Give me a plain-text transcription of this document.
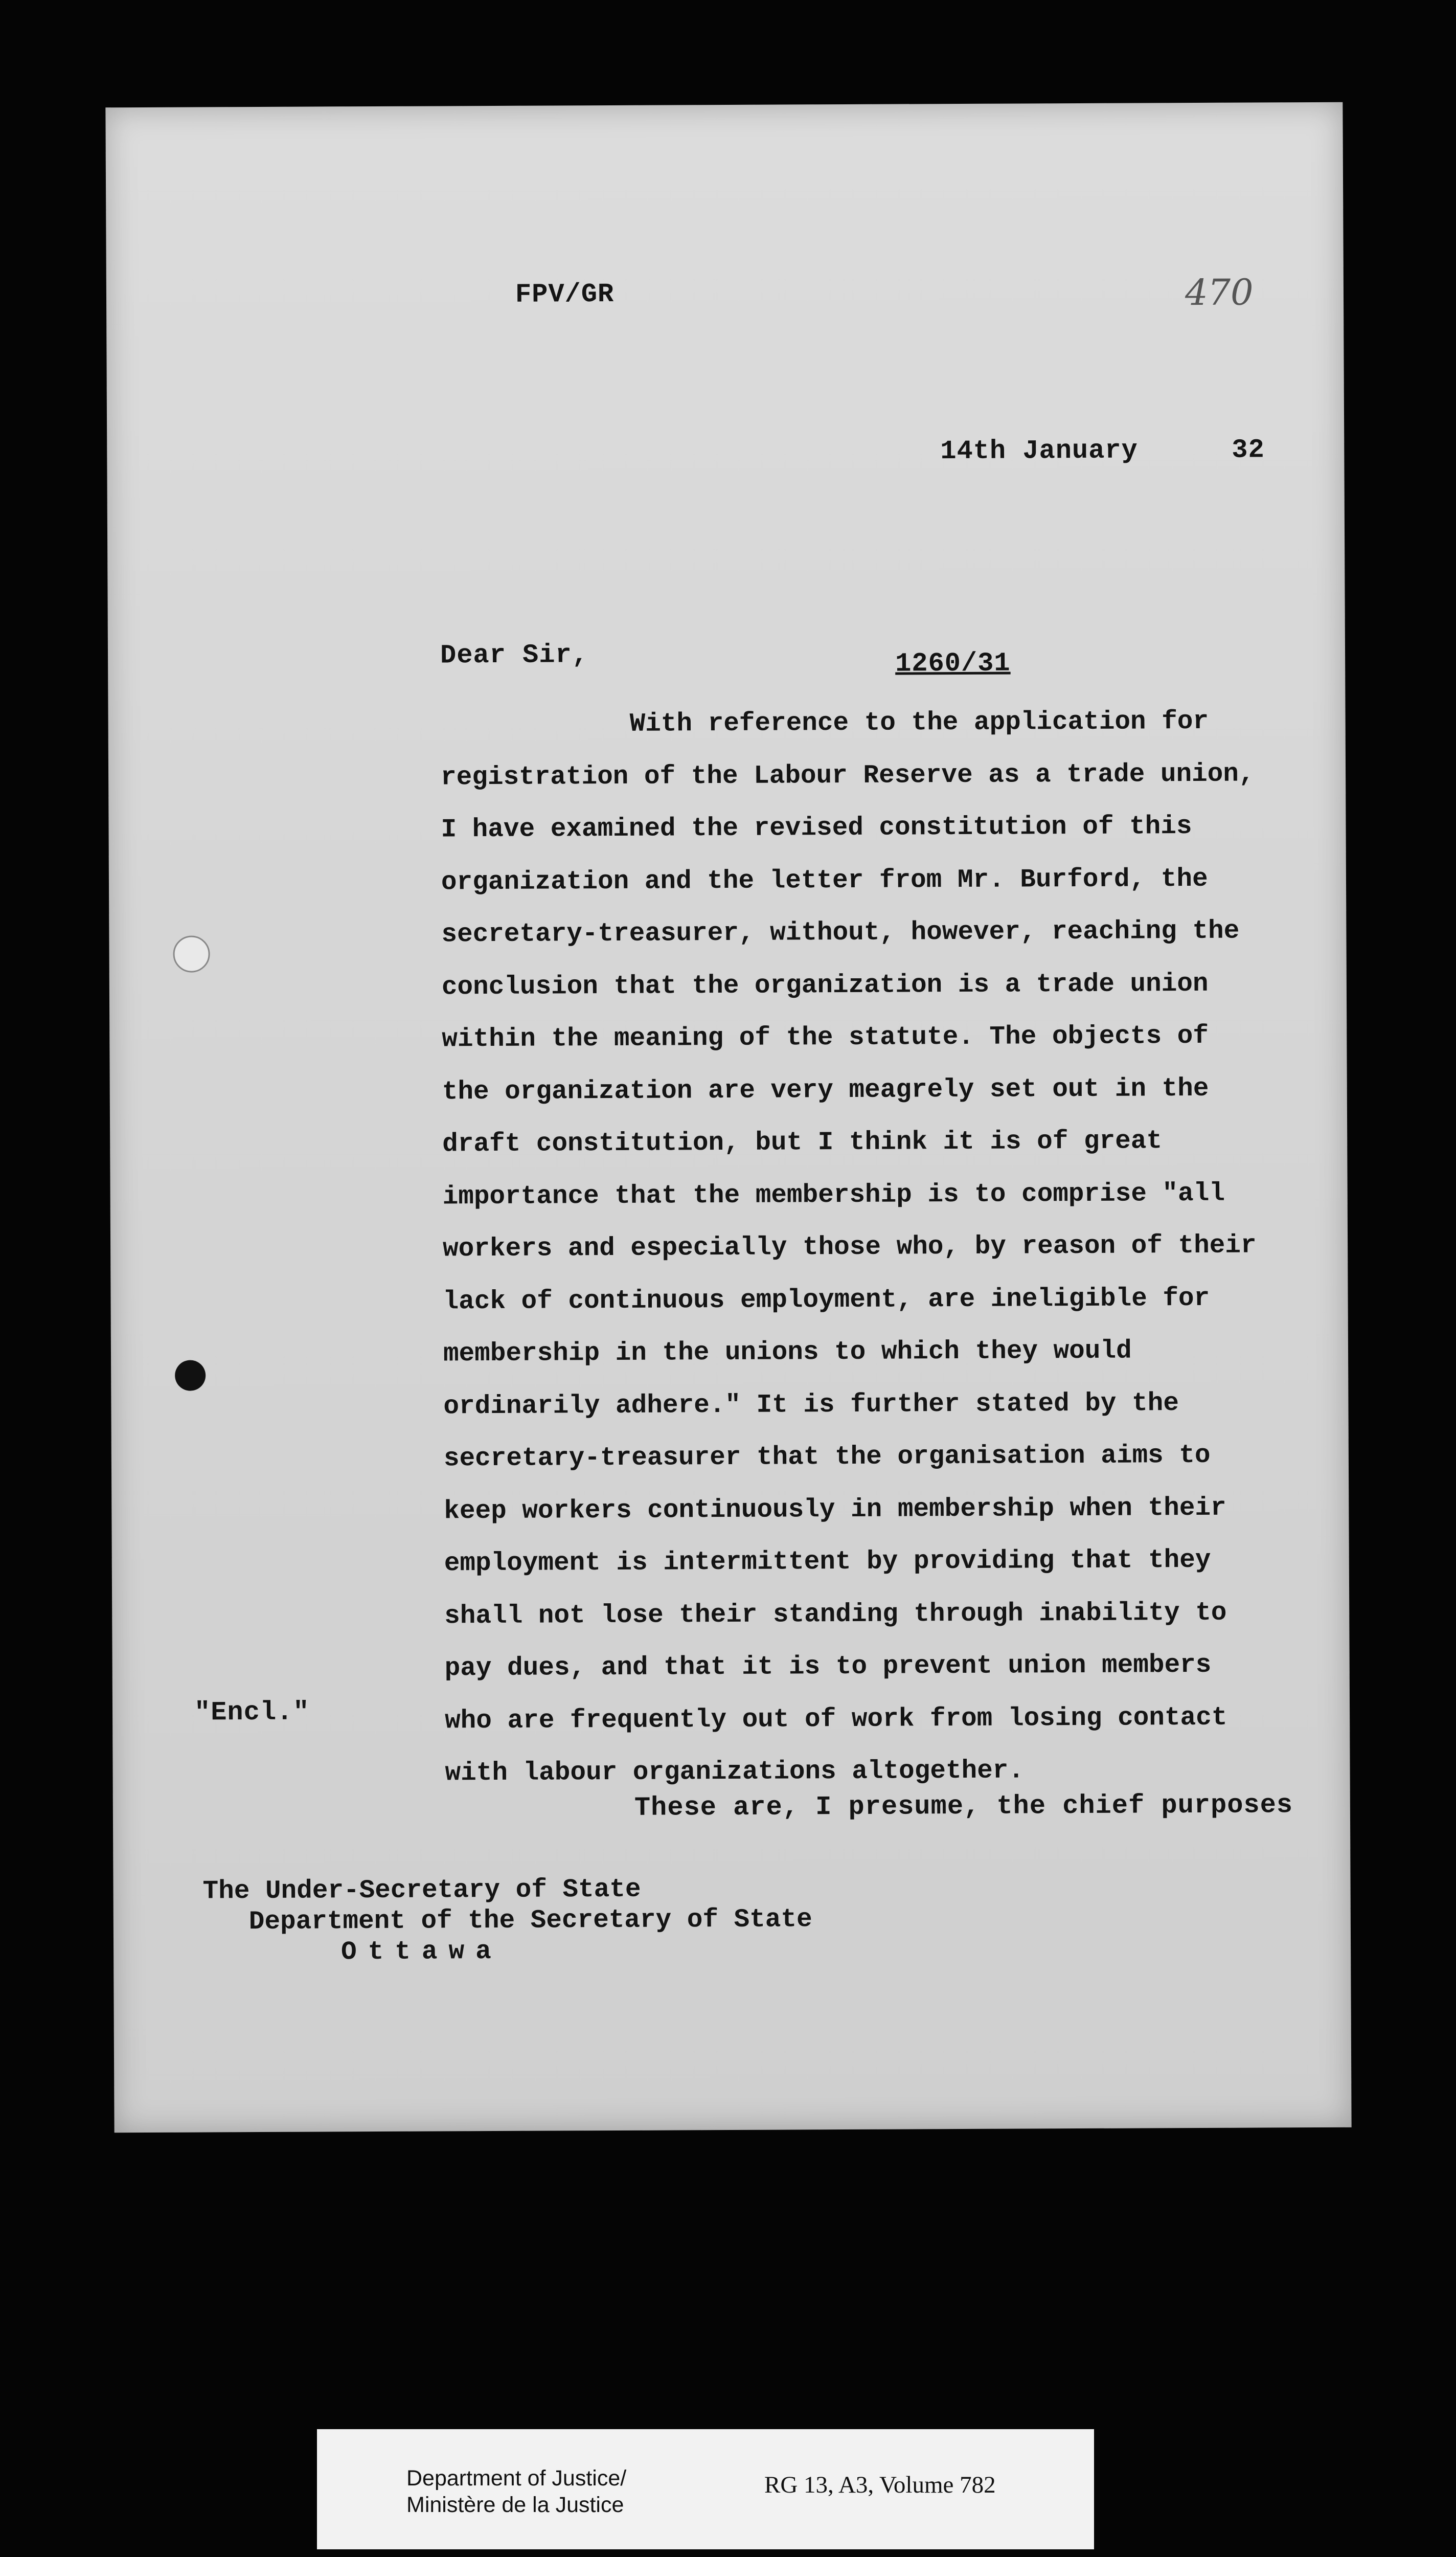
FPV/GR	470
14th January	32
Dear Sir,	1260/31
With reference to the application for
registration of the Labour Reserve as a trade union,
I have examined the revised constitution of this
organization and the letter from Mr. Burford, the
secretary-treasurer, without, however, reaching the
conclusion that the organization is a trade union
within the meaning of the statute. The objects of
the organization are very meagrely set out in the
draft constitution, but I think it is of great
importance that the membership is to comprise "all
workers and especially those who, by reason of their
lack of continuous employment, are ineligible for
membership in the unions to which they would
ordinarily adhere." It is further stated by the
secretary-treasurer that the organisation aims to
keep workers continuously in membership when their
employment is intermittent by providing that they
shall not lose their standing through inability to
pay dues, and that it is to prevent union members
who are frequently out of work from losing contact
with labour organizations altogether.
"Encl."
These are, I presume, the chief purposes
The Under-Secretary of State
Department of the Secretary of State
Ottawa
Department of Justice/
Ministère de la Justice
RG 13, A3, Volume 782
